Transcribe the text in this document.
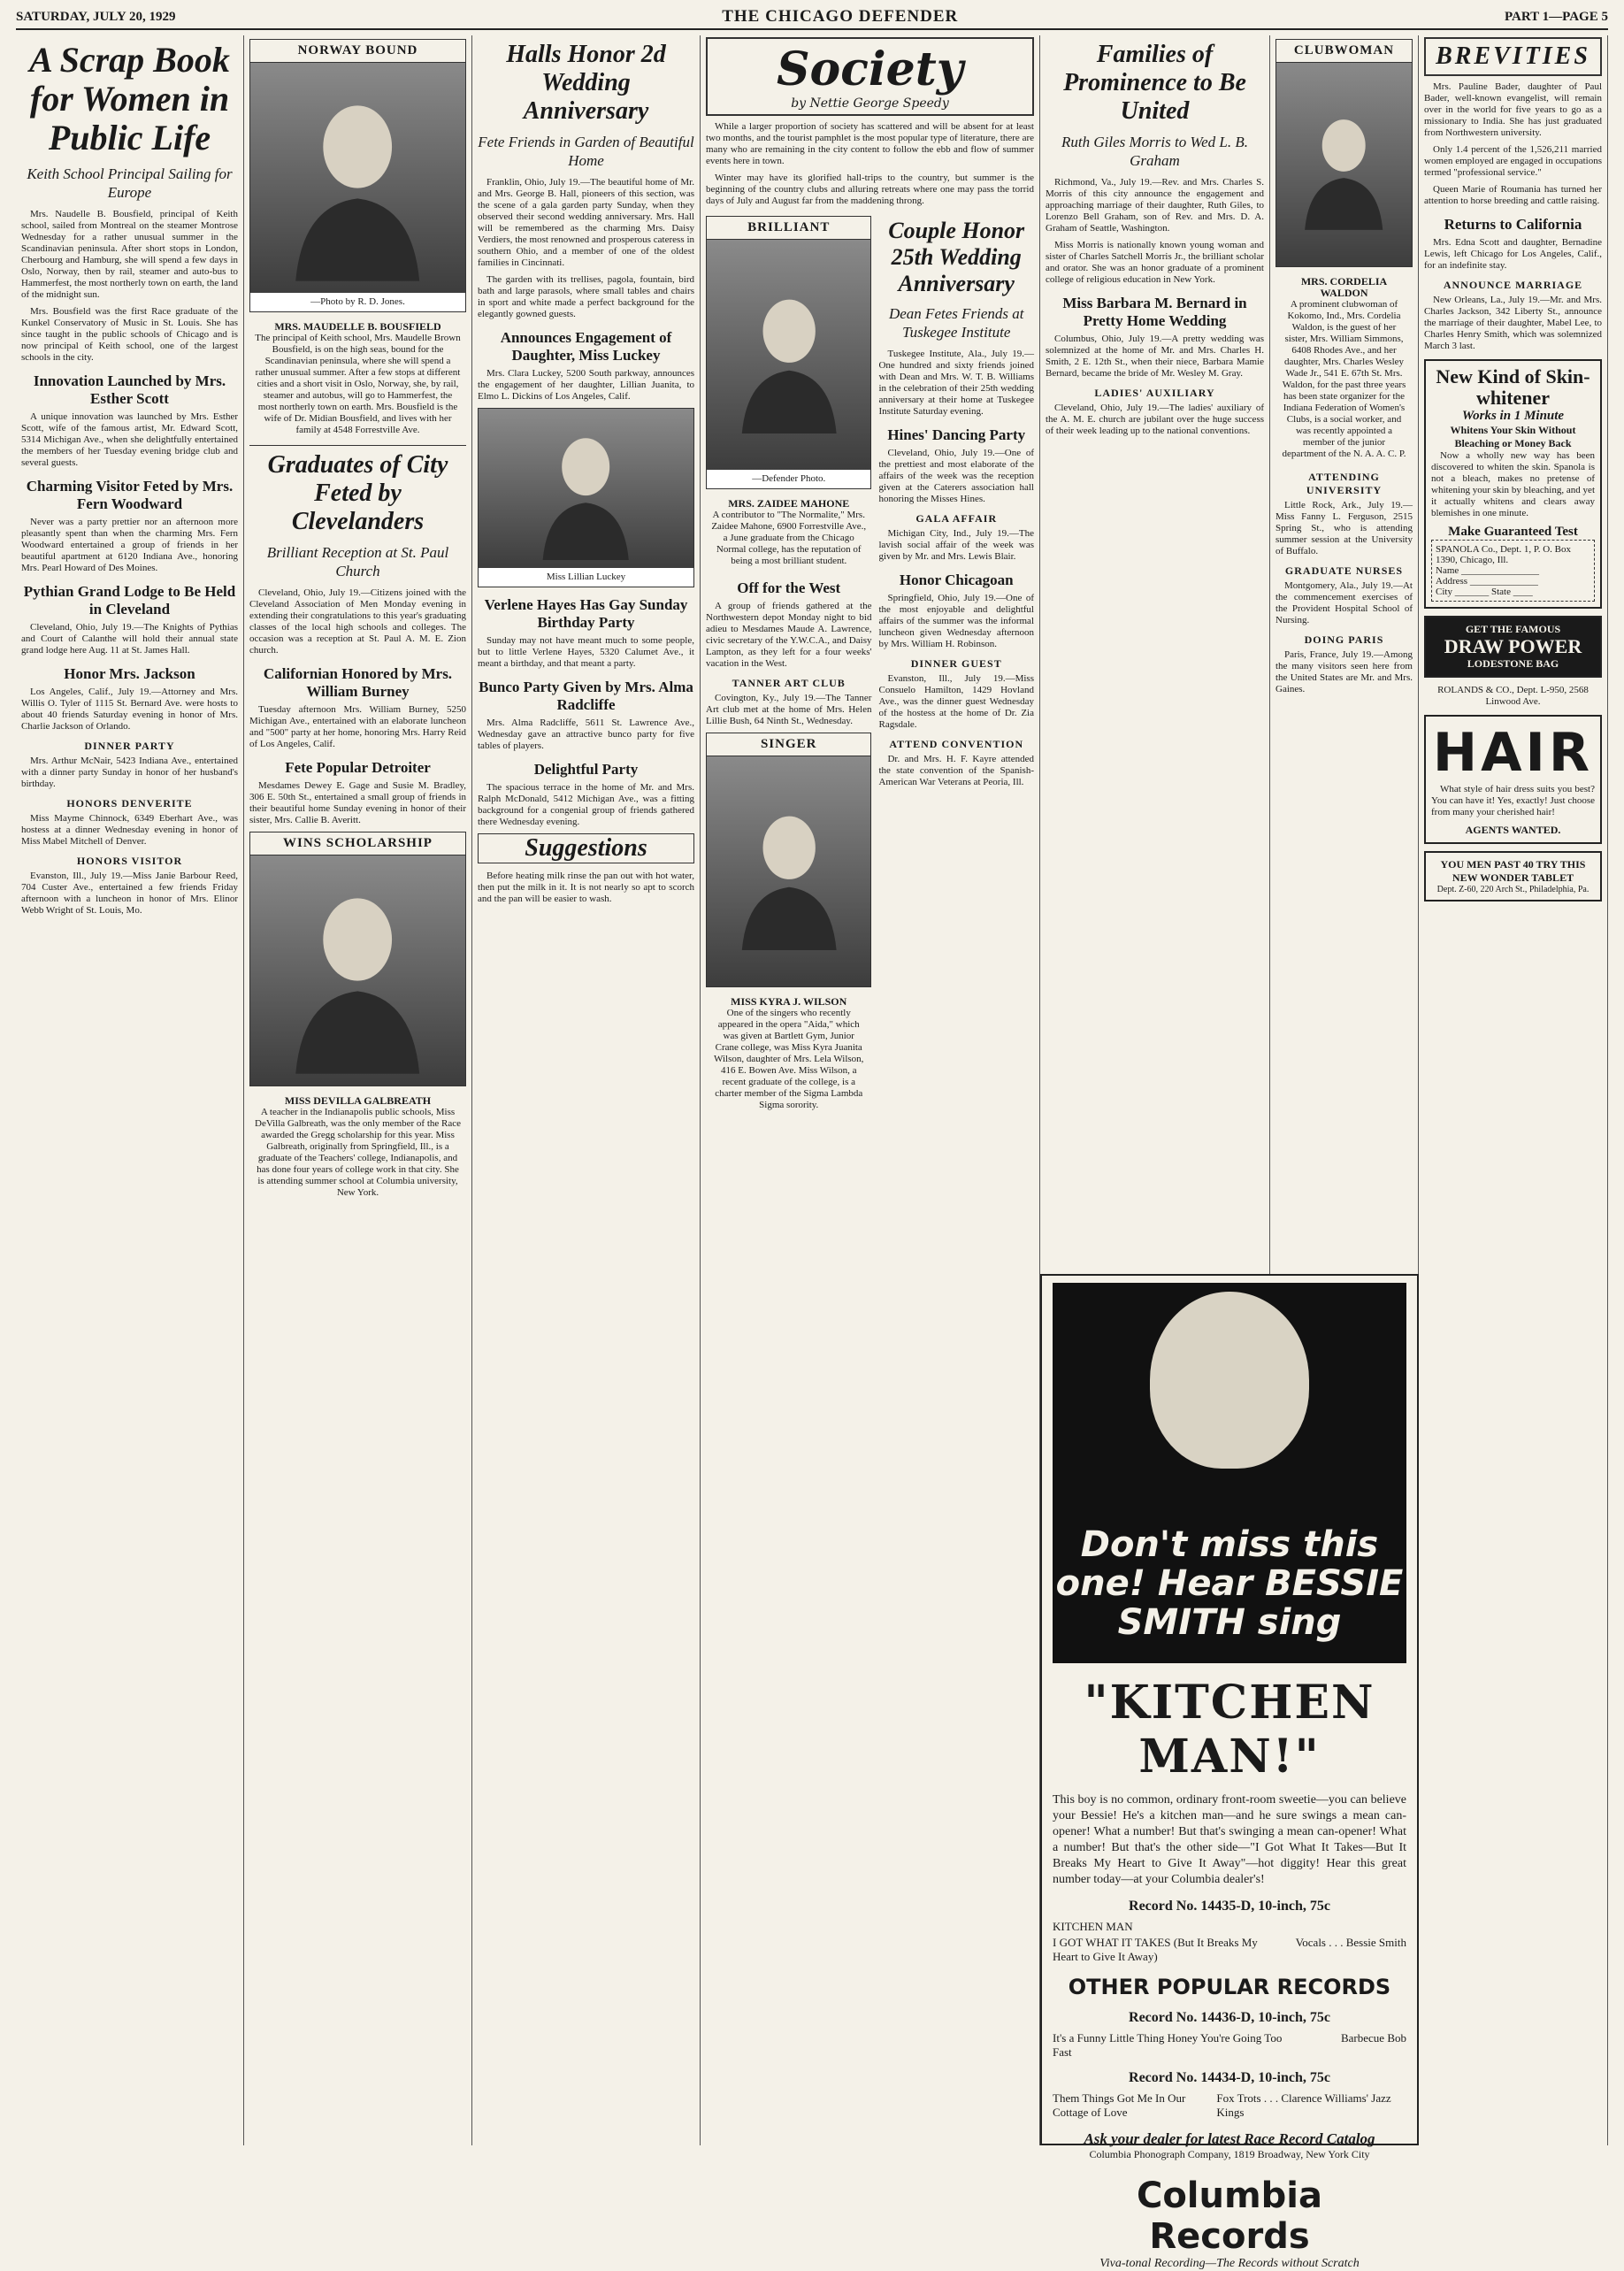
SATURDAY, JULY 20, 1929	THE CHICAGO DEFENDER	PART 1—PAGE 5
A Scrap Book for Women in Public Life
Keith School Principal Sailing for Europe

Mrs. Naudelle B. Bousfield, principal of Keith school, sailed from Montreal on the steamer Montrose Wednesday for a rather unusual summer in the Scandinavian peninsula. After short stops in London, Cherbourg and Hamburg, she will spend a few days in Oslo, Norway, then by rail, steamer and auto-bus to Hammerfest, the most northerly town on earth, the land of the midnight sun.

Mrs. Bousfield was the first Race graduate of the Kunkel Conservatory of Music in St. Louis. She has since taught in the public schools of Chicago and is now principal of Keith school, one of the largest schools in the city.

Innovation Launched by Mrs. Esther Scott

A unique innovation was launched by Mrs. Esther Scott, wife of the famous artist, Mr. Edward Scott, 5314 Michigan Ave., when she delightfully entertained the members of her Tuesday evening bridge club and several guests.

Charming Visitor Feted by Mrs. Fern Woodward

Never was a party prettier nor an afternoon more pleasantly spent than when the charming Mrs. Fern Woodward entertained a group of friends in her beautiful apartment at 6120 Indiana Ave., honoring Mrs. Pearl Howard of Des Moines.

Pythian Grand Lodge to Be Held in Cleveland

Cleveland, Ohio, July 19.—The Knights of Pythias and Court of Calanthe will hold their annual state grand lodge here Aug. 11 at St. James Hall.

Honor Mrs. Jackson

Los Angeles, Calif., July 19.—Attorney and Mrs. Willis O. Tyler of 1115 St. Bernard Ave. were hosts to about 40 friends Saturday evening in honor of Mrs. Charlie Jackson of Orlando.

DINNER PARTY

Mrs. Arthur McNair, 5423 Indiana Ave., entertained with a dinner party Sunday in honor of her husband's birthday.

HONORS DENVERITE

Miss Mayme Chinnock, 6349 Eberhart Ave., was hostess at a dinner Wednesday evening in honor of Miss Mabel Mitchell of Denver.

HONORS VISITOR

Evanston, Ill., July 19.—Miss Janie Barbour Reed, 704 Custer Ave., entertained a few friends Friday afternoon with a luncheon in honor of Mrs. Elinor Webb Wright of St. Louis, Mo.

NORWAY BOUND
—Photo by R. D. Jones.
MRS. MAUDELLE B. BOUSFIELD
The principal of Keith school, Mrs. Maudelle Brown Bousfield, is on the high seas, bound for the Scandinavian peninsula, where she will spend a rather unusual summer. After a few stops at different cities and a short visit in Oslo, Norway, she, by rail, steamer and autobus, will go to Hammerfest, the most northerly town on earth. Mrs. Bousfield is the wife of Dr. Midian Bousfield, and lives with her family at 4548 Forrestville Ave.
Graduates of City Feted by Clevelanders
Brilliant Reception at St. Paul Church

Cleveland, Ohio, July 19.—Citizens joined with the Cleveland Association of Men Monday evening in extending their congratulations to this year's graduating classes of the local high schools and colleges. The occasion was a reception at St. Paul A. M. E. Zion church.

Californian Honored by Mrs. William Burney

Tuesday afternoon Mrs. William Burney, 5250 Michigan Ave., entertained with an elaborate luncheon and "500" party at her home, honoring Mrs. Harry Reid of Los Angeles, Calif.

Fete Popular Detroiter

Mesdames Dewey E. Gage and Susie M. Bradley, 306 E. 50th St., entertained a small group of friends in their beautiful home Sunday evening in honor of their sister, Mrs. Callie B. Averitt.

WINS SCHOLARSHIP
MISS DEVILLA GALBREATH
A teacher in the Indianapolis public schools, Miss DeVilla Galbreath, was the only member of the Race awarded the Gregg scholarship for this year. Miss Galbreath, originally from Springfield, Ill., is a graduate of the Teachers' college, Indianapolis, and has done four years of college work in that city. She is attending summer school at Columbia university, New York.
Halls Honor 2d Wedding Anniversary
Fete Friends in Garden of Beautiful Home

Franklin, Ohio, July 19.—The beautiful home of Mr. and Mrs. George B. Hall, pioneers of this section, was the scene of a gala garden party Sunday, when they observed their second wedding anniversary. Mrs. Hall will be remembered as the charming Mrs. Daisy Verdiers, the most renowned and prosperous cateress in southern Ohio, and a member of one of the oldest families in Cincinnati.

The garden with its trellises, pagola, fountain, bird bath and large parasols, where small tables and chairs in sport and white made a perfect background for the elegantly gowned guests.

Announces Engagement of Daughter, Miss Luckey

Mrs. Clara Luckey, 5200 South parkway, announces the engagement of her daughter, Lillian Juanita, to Elmo L. Dickins of Los Angeles, Calif.

Miss Lillian Luckey
Verlene Hayes Has Gay Sunday Birthday Party

Sunday may not have meant much to some people, but to little Verlene Hayes, 5320 Calumet Ave., it meant a birthday, and that meant a party.

Bunco Party Given by Mrs. Alma Radcliffe

Mrs. Alma Radcliffe, 5611 St. Lawrence Ave., Wednesday gave an attractive bunco party for five tables of players.

Delightful Party

The spacious terrace in the home of Mr. and Mrs. Ralph McDonald, 5412 Michigan Ave., was a fitting background for a congenial group of friends gathered there Wednesday evening.

Suggestions

Before heating milk rinse the pan out with hot water, then put the milk in it. It is not nearly so apt to scorch and the pan will be easier to wash.

Society
by Nettie George Speedy

While a larger proportion of society has scattered and will be absent for at least two months, and the tourist pamphlet is the most popular type of literature, there are many who are remaining in the city content to follow the ebb and flow of summer events here in town.

Winter may have its glorified hall-trips to the country, but summer is the beginning of the country clubs and alluring retreats where one may pass the torrid days of July and August far from the maddening throng.

BRILLIANT
—Defender Photo.
MRS. ZAIDEE MAHONE
A contributor to "The Normalite," Mrs. Zaidee Mahone, 6900 Forrestville Ave., a June graduate from the Chicago Normal college, has the reputation of being a most brilliant student.
Off for the West

A group of friends gathered at the Northwestern depot Monday night to bid adieu to Mesdames Maude A. Lawrence, civic secretary of the Y.W.C.A., and Daisy Lampton, as they left for a four weeks' vacation in the West.

TANNER ART CLUB

Covington, Ky., July 19.—The Tanner Art club met at the home of Mrs. Helen Lillie Bush, 64 Ninth St., Wednesday.

SINGER
MISS KYRA J. WILSON
One of the singers who recently appeared in the opera "Aida," which was given at Bartlett Gym, Junior Crane college, was Miss Kyra Juanita Wilson, daughter of Mrs. Lela Wilson, 416 E. Bowen Ave. Miss Wilson, a recent graduate of the college, is a charter member of the Sigma Lambda Sigma sorority.
Couple Honor 25th Wedding Anniversary
Dean Fetes Friends at Tuskegee Institute

Tuskegee Institute, Ala., July 19.—One hundred and sixty friends joined with Dean and Mrs. W. T. B. Williams in the celebration of their 25th wedding anniversary at their home at Tuskegee Institute Saturday evening.

Hines' Dancing Party

Cleveland, Ohio, July 19.—One of the prettiest and most elaborate of the affairs of the week was the reception given at the Caterers association hall honoring the Misses Hines.

GALA AFFAIR

Michigan City, Ind., July 19.—The lavish social affair of the week was given by Mr. and Mrs. Lewis Blair.

Honor Chicagoan

Springfield, Ohio, July 19.—One of the most enjoyable and delightful affairs of the summer was the informal luncheon given Wednesday afternoon by Mrs. William H. Robinson.

DINNER GUEST

Evanston, Ill., July 19.—Miss Consuelo Hamilton, 1429 Hovland Ave., was the dinner guest Wednesday of the hostess at the home of Dr. Zia Ragsdale.

ATTEND CONVENTION

Dr. and Mrs. H. F. Kayre attended the state convention of the Spanish-American War Veterans at Peoria, Ill.

Families of Prominence to Be United
Ruth Giles Morris to Wed L. B. Graham

Richmond, Va., July 19.—Rev. and Mrs. Charles S. Morris of this city announce the engagement and approaching marriage of their daughter, Ruth Giles, to Lorenzo Bell Graham, son of Rev. and Mrs. D. A. Graham of Seattle, Washington.

Miss Morris is nationally known young woman and sister of Charles Satchell Morris Jr., the brilliant scholar and orator. She was an honor graduate of a prominent college of religious education in New York.

Miss Barbara M. Bernard in Pretty Home Wedding

Columbus, Ohio, July 19.—A pretty wedding was solemnized at the home of Mr. and Mrs. Charles H. Smith, 2 E. 12th St., when their niece, Barbara Mamie Bernard, became the bride of Mr. Wesley M. Gray.

LADIES' AUXILIARY

Cleveland, Ohio, July 19.—The ladies' auxiliary of the A. M. E. church are jubilant over the huge success of their week leading up to the national conventions.

CLUBWOMAN
MRS. CORDELIA WALDON
A prominent clubwoman of Kokomo, Ind., Mrs. Cordelia Waldon, is the guest of her sister, Mrs. William Simmons, 6408 Rhodes Ave., and her daughter, Mrs. Charles Wesley Wade Jr., 541 E. 67th St. Mrs. Waldon, for the past three years has been state organizer for the Indiana Federation of Women's Clubs, is a social worker, and was recently appointed a member of the junior department of the N. A. A. C. P.
ATTENDING UNIVERSITY

Little Rock, Ark., July 19.—Miss Fanny L. Ferguson, 2515 Spring St., who is attending summer session at the University of Buffalo.

GRADUATE NURSES

Montgomery, Ala., July 19.—At the commencement exercises of the Provident Hospital School of Nursing.

DOING PARIS

Paris, France, July 19.—Among the many visitors seen here from the United States are Mr. and Mrs. Gaines.

BREVITIES

Mrs. Pauline Bader, daughter of Paul Bader, well-known evangelist, will remain over in the world for five years to go as a missionary to India. She has just graduated from Northwestern university.

Only 1.4 percent of the 1,526,211 married women employed are engaged in occupations termed "professional service."

Queen Marie of Roumania has turned her attention to horse breeding and cattle raising.

Returns to California

Mrs. Edna Scott and daughter, Bernadine Lewis, left Chicago for Los Angeles, Calif., for an indefinite stay.

ANNOUNCE MARRIAGE

New Orleans, La., July 19.—Mr. and Mrs. Charles Jackson, 342 Liberty St., announce the marriage of their daughter, Mabel Lee, to Charles Henry Smith, which was solemnized March 3 last.

New Kind of Skin-whitener
Works in 1 Minute
Whitens Your Skin Without Bleaching or Money Back

Now a wholly new way has been discovered to whiten the skin. Spanola is not a bleach, makes no pretense of whitening your skin by bleaching, and yet it actually whitens and clears away blemishes in one minute.

Make Guaranteed Test
SPANOLA Co., Dept. 1, P. O. Box 1390, Chicago, Ill.
Name ________________
Address ______________
City _______ State ____
GET THE FAMOUS
DRAW POWER
LODESTONE BAG

ROLANDS & CO., Dept. L-950, 2568 Linwood Ave.

HAIR

What style of hair dress suits you best? You can have it! Yes, exactly! Just choose from many your cherished hair!

AGENTS WANTED.
YOU MEN PAST 40 TRY THIS
NEW WONDER TABLET
Dept. Z-60, 220 Arch St., Philadelphia, Pa.
Don't miss this one! Hear BESSIE SMITH sing
"KITCHEN MAN!"
This boy is no common, ordinary front-room sweetie—you can believe your Bessie! He's a kitchen man—and he sure swings a mean can-opener! What a number! But that's swinging a mean can-opener! What a number! But that's the other side—"I Got What It Takes—But It Breaks My Heart to Give It Away"—hot diggity! Hear this great number today—at your Columbia dealer's!
Record No. 14435-D, 10-inch, 75c
KITCHEN MAN
I GOT WHAT IT TAKES (But It Breaks My Heart to Give It Away)
Vocals . . . Bessie Smith
OTHER POPULAR RECORDS
Record No. 14436-D, 10-inch, 75c
It's a Funny Little Thing Honey You're Going Too Fast
Barbecue Bob
Record No. 14434-D, 10-inch, 75c
Them Things Got Me In Our Cottage of Love
Fox Trots . . . Clarence Williams' Jazz Kings
Ask your dealer for latest Race Record Catalog
Columbia Phonograph Company, 1819 Broadway, New York City
Columbia Records
Viva-tonal Recording—The Records without Scratch
